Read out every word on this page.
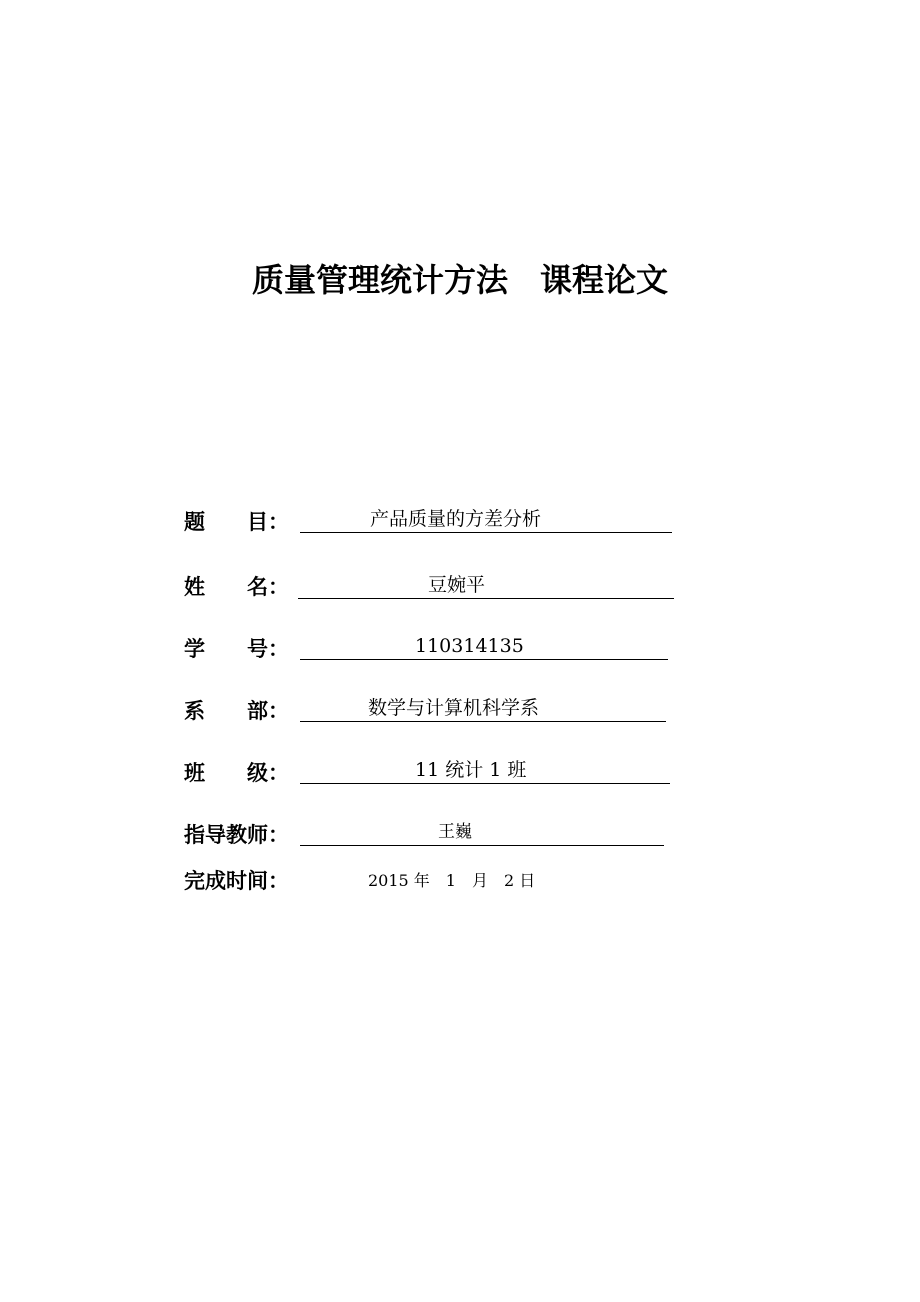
质量管理统计方法　课程论文
题　　目：	产品质量的方差分析
姓　　名：	豆婉平
学　　号：	110314135
系　　部：	数学与计算机科学系
班　　级：	11 统计 1 班
指导教师：	王巍
完成时间：	2015 年　1　月　2 日
